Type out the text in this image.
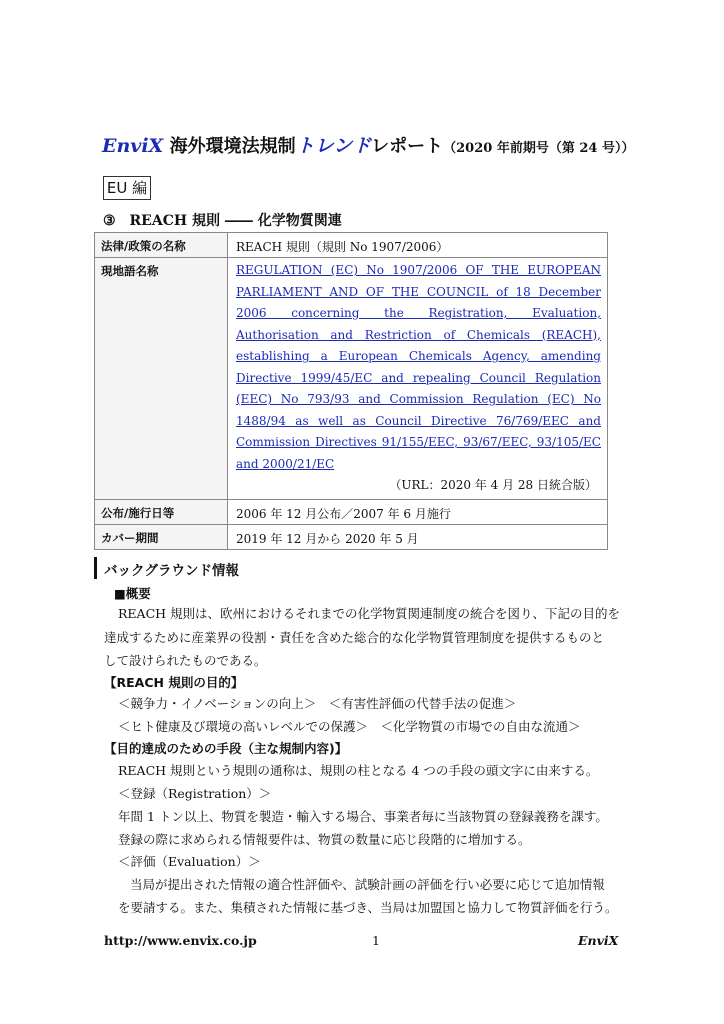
EnviX 海外環境法規制トレンドレポート（2020 年前期号（第 24 号））
EU 編
③　REACH 規則 ―― 化学物質関連
法律/政策の名称	REACH 規則（規則 No 1907/2006）
現地語名称	REGULATION (EC) No 1907/2006 OF THE EUROPEAN PARLIAMENT AND OF THE COUNCIL of 18 December 2006 concerning the Registration, Evaluation, Authorisation and Restriction of Chemicals (REACH), establishing a European Chemicals Agency, amending Directive 1999/45/EC and repealing Council Regulation (EEC) No 793/93 and Commission Regulation (EC) No 1488/94 as well as Council Directive 76/769/EEC and Commission Directives 91/155/EEC, 93/67/EEC, 93/105/EC and 2000/21/EC
（URL：2020 年 4 月 28 日統合版）

公布/施行日等	2006 年 12 月公布／2007 年 6 月施行
カバー期間	2019 年 12 月から 2020 年 5 月
バックグラウンド情報
■概要
REACH 規則は、欧州におけるそれまでの化学物質関連制度の統合を図り、下記の目的を
達成するために産業界の役割・責任を含めた総合的な化学物質管理制度を提供するものと
して設けられたものである。
【REACH 規則の目的】
＜競争力・イノベーションの向上＞　＜有害性評価の代替手法の促進＞
＜ヒト健康及び環境の高いレベルでの保護＞　＜化学物質の市場での自由な流通＞
【目的達成のための手段（主な規制内容)】
REACH 規則という規則の通称は、規則の柱となる 4 つの手段の頭文字に由来する。
＜登録（Registration）＞
年間 1 トン以上、物質を製造・輸入する場合、事業者毎に当該物質の登録義務を課す。
登録の際に求められる情報要件は、物質の数量に応じ段階的に増加する。
＜評価（Evaluation）＞
当局が提出された情報の適合性評価や、試験計画の評価を行い必要に応じて追加情報
を要請する。また、集積された情報に基づき、当局は加盟国と協力して物質評価を行う。
http://www.envix.co.jp	1	EnviX
